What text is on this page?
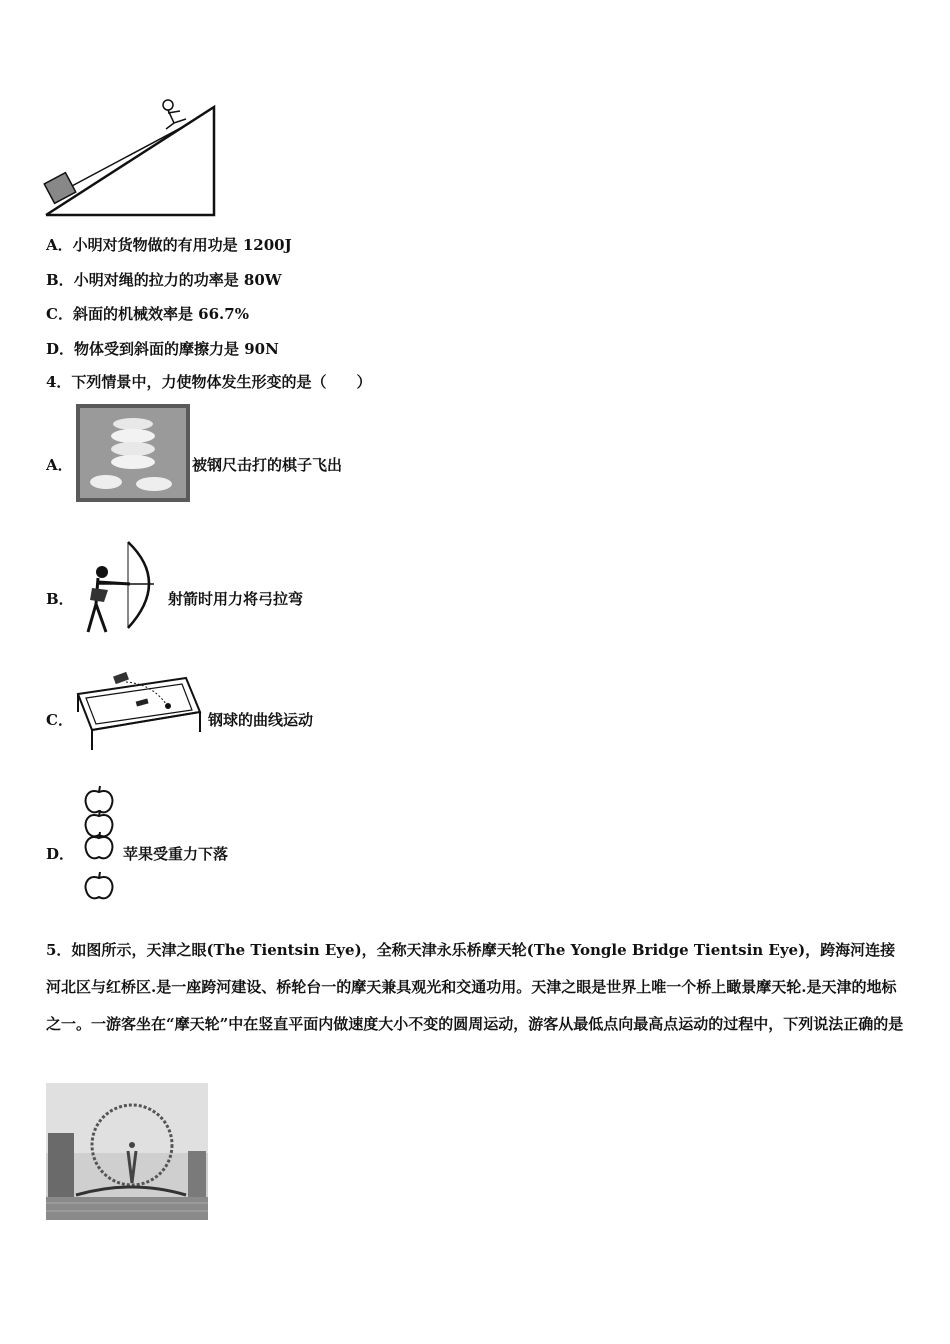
A．小明对货物做的有用功是 1200J
B．小明对绳的拉力的功率是 80W
C．斜面的机械效率是 66.7%
D．物体受到斜面的摩擦力是 90N
4．下列情景中，力使物体发生形变的是（　　）
A．	被钢尺击打的棋子飞出
B．	射箭时用力将弓拉弯
C．	钢球的曲线运动
D．	苹果受重力下落
5．如图所示，天津之眼(The Tientsin Eye)，全称天津永乐桥摩天轮(The Yongle Bridge Tientsin Eye)，跨海河连接河北区与红桥区.是一座跨河建设、桥轮台一的摩天兼具观光和交通功用。天津之眼是世界上唯一个桥上瞰景摩天轮.是天津的地标之一。一游客坐在“摩天轮”中在竖直平面内做速度大小不变的圆周运动，游客从最低点向最高点运动的过程中，下列说法正确的是
